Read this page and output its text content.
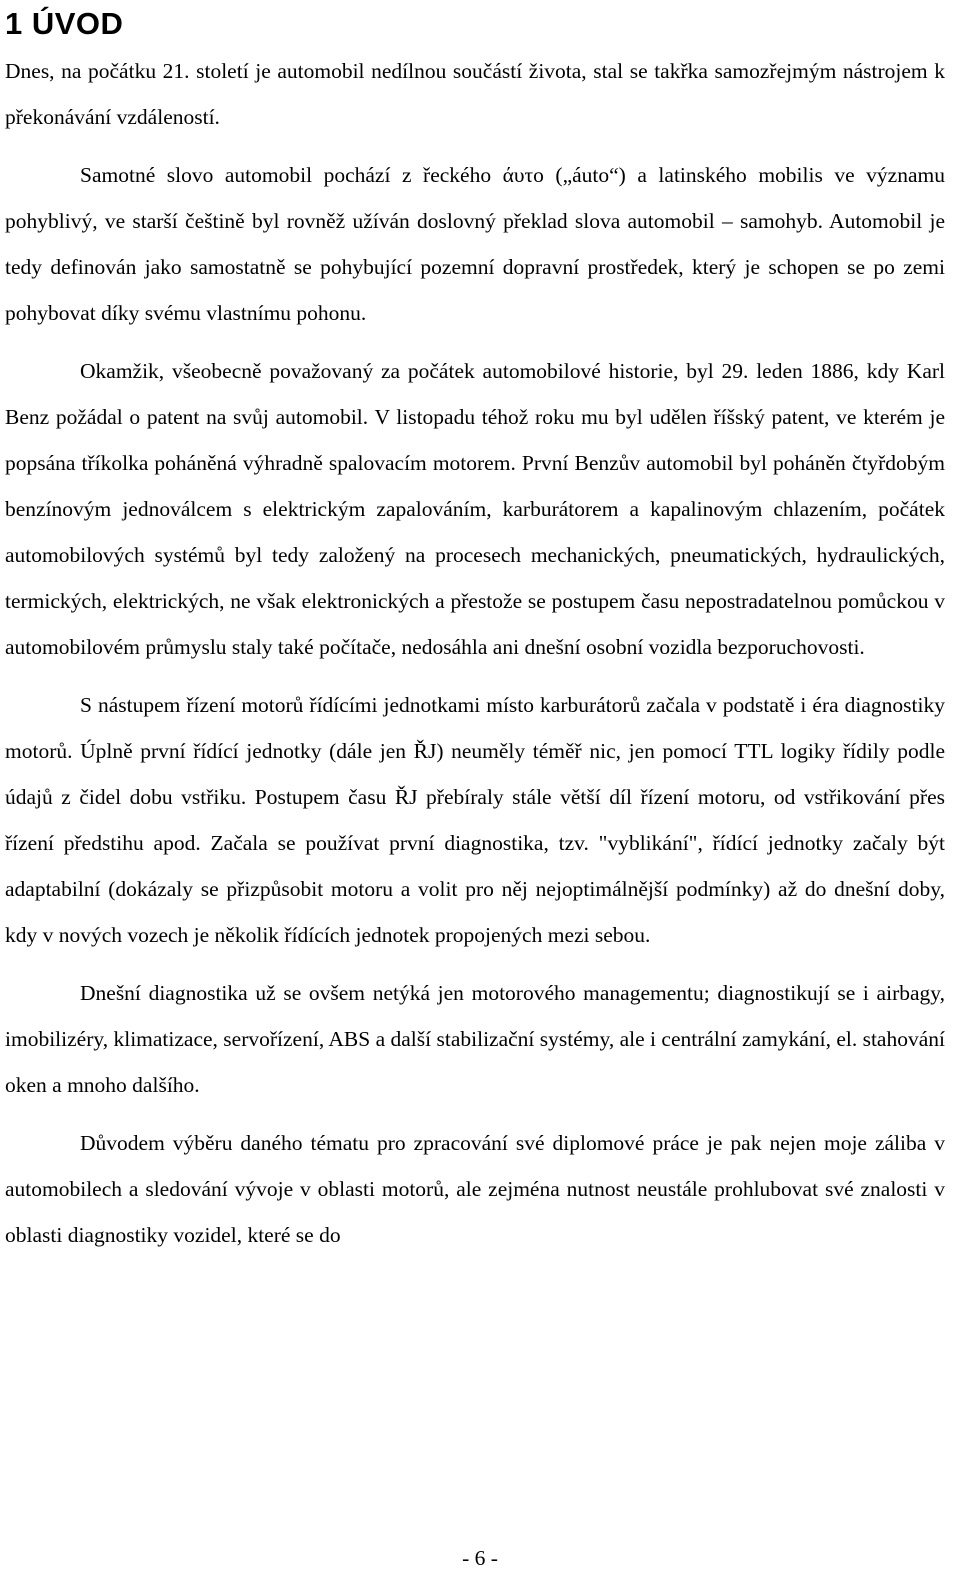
1 ÚVOD

Dnes, na počátku 21. století je automobil nedílnou součástí života, stal se takřka samozřejmým nástrojem k překonávání vzdáleností.

Samotné slovo automobil pochází z řeckého άυτο („áuto“) a latinského mobilis ve významu pohyblivý, ve starší češtině byl rovněž užíván doslovný překlad slova automobil – samohyb. Automobil je tedy definován jako samostatně se pohybující pozemní dopravní prostředek, který je schopen se po zemi pohybovat díky svému vlastnímu pohonu.

Okamžik, všeobecně považovaný za počátek automobilové historie, byl 29. leden 1886, kdy Karl Benz požádal o patent na svůj automobil. V listopadu téhož roku mu byl udělen říšský patent, ve kterém je popsána tříkolka poháněná výhradně spalovacím motorem. První Benzův automobil byl poháněn čtyřdobým benzínovým jednoválcem s elektrickým zapalováním, karburátorem a kapalinovým chlazením, počátek automobilových systémů byl tedy založený na procesech mechanických, pneumatických, hydraulických, termických, elektrických, ne však elektronických a přestože se postupem času nepostradatelnou pomůckou v automobilovém průmyslu staly také počítače, nedosáhla ani dnešní osobní vozidla bezporuchovosti.

S nástupem řízení motorů řídícími jednotkami místo karburátorů začala v podstatě i éra diagnostiky motorů. Úplně první řídící jednotky (dále jen ŘJ) neuměly téměř nic, jen pomocí TTL logiky řídily podle údajů z čidel dobu vstřiku. Postupem času ŘJ přebíraly stále větší díl řízení motoru, od vstřikování přes řízení předstihu apod. Začala se používat první diagnostika, tzv. "vyblikání", řídící jednotky začaly být adaptabilní (dokázaly se přizpůsobit motoru a volit pro něj nejoptimálnější podmínky) až do dnešní doby, kdy v nových vozech je několik řídících jednotek propojených mezi sebou.

Dnešní diagnostika už se ovšem netýká jen motorového managementu; diagnostikují se i airbagy, imobilizéry, klimatizace, servořízení, ABS a další stabilizační systémy, ale i centrální zamykání, el. stahování oken a mnoho dalšího.

Důvodem výběru daného tématu pro zpracování své diplomové práce je pak nejen moje záliba v automobilech a sledování vývoje v oblasti motorů, ale zejména nutnost neustále prohlubovat své znalosti v oblasti diagnostiky vozidel, které se do

- 6 -
